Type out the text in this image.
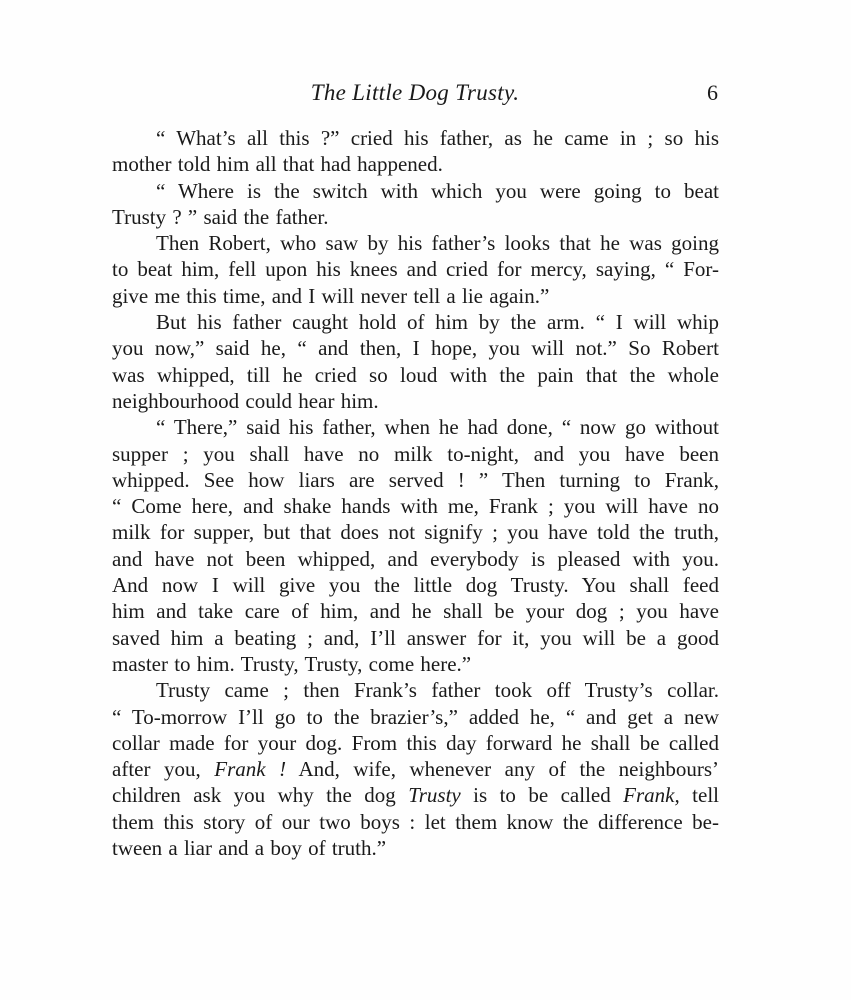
The Little Dog Trusty.	6
“ What’s all this ?” cried his father, as he came in ; so his
mother told him all that had happened.
“ Where is the switch with which you were going to beat
Trusty ? ” said the father.
Then Robert, who saw by his father’s looks that he was going
to beat him, fell upon his knees and cried for mercy, saying, “ For-
give me this time, and I will never tell a lie again.”
But his father caught hold of him by the arm. “ I will whip
you now,” said he, “ and then, I hope, you will not.” So Robert
was whipped, till he cried so loud with the pain that the whole
neighbourhood could hear him.
“ There,” said his father, when he had done, “ now go without
supper ; you shall have no milk to-night, and you have been
whipped. See how liars are served ! ” Then turning to Frank,
“ Come here, and shake hands with me, Frank ; you will have no
milk for supper, but that does not signify ; you have told the truth,
and have not been whipped, and everybody is pleased with you.
And now I will give you the little dog Trusty. You shall feed
him and take care of him, and he shall be your dog ; you have
saved him a beating ; and, I’ll answer for it, you will be a good
master to him. Trusty, Trusty, come here.”
Trusty came ; then Frank’s father took off Trusty’s collar.
“ To-morrow I’ll go to the brazier’s,” added he, “ and get a new
collar made for your dog. From this day forward he shall be called
after you, Frank ! And, wife, whenever any of the neighbours’
children ask you why the dog Trusty is to be called Frank, tell
them this story of our two boys : let them know the difference be-
tween a liar and a boy of truth.”
